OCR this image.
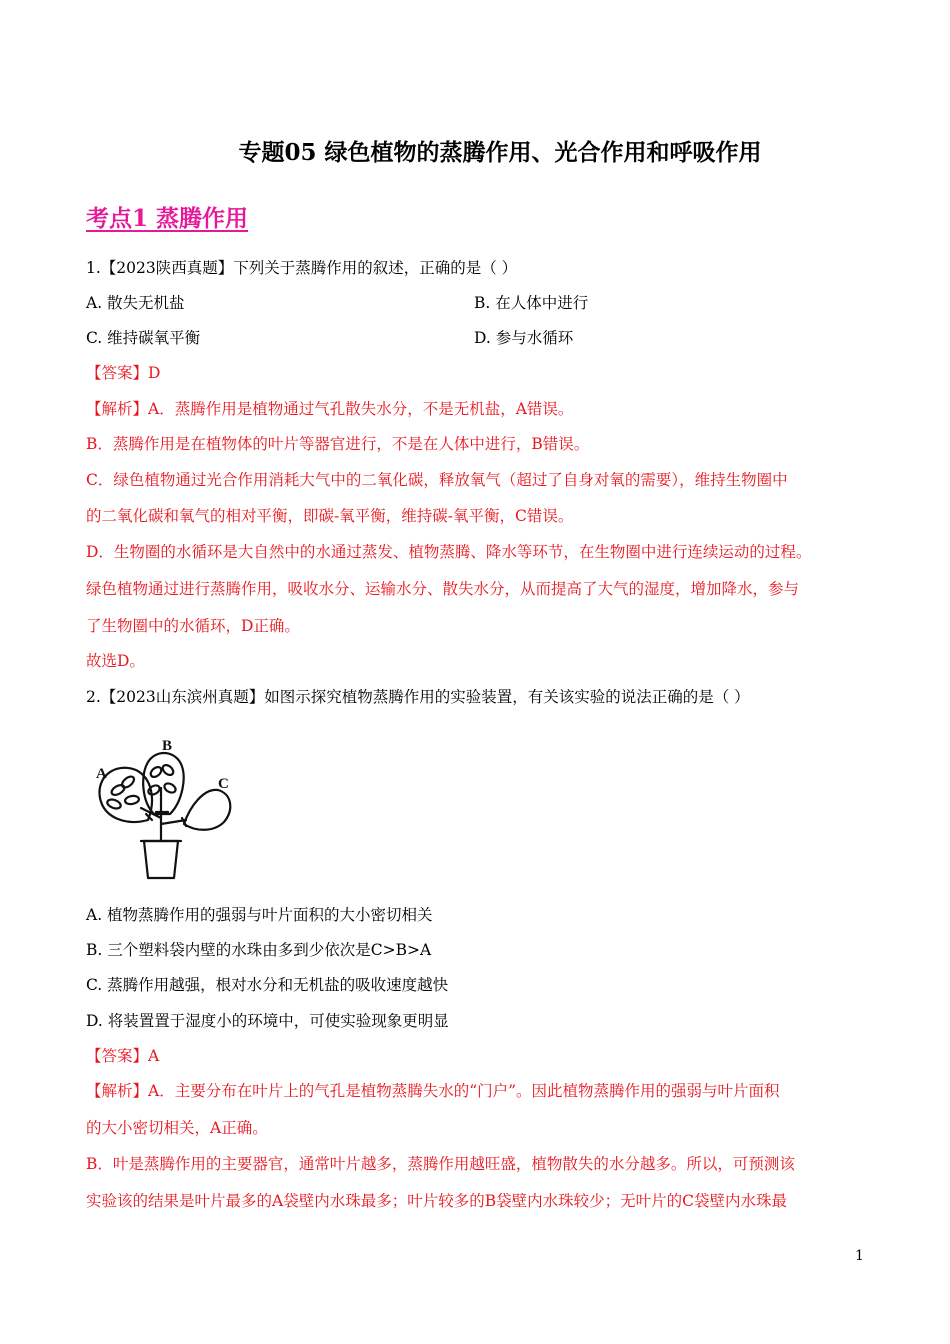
专题05 绿色植物的蒸腾作用、光合作用和呼吸作用
考点1 蒸腾作用
1.【2023陕西真题】下列关于蒸腾作用的叙述，正确的是（ ）
A. 散失无机盐	B. 在人体中进行
C. 维持碳氧平衡	D. 参与水循环
【答案】D
【解析】A．蒸腾作用是植物通过气孔散失水分，不是无机盐，A错误。
B．蒸腾作用是在植物体的叶片等器官进行，不是在人体中进行，B错误。
C．绿色植物通过光合作用消耗大气中的二氧化碳，释放氧气（超过了自身对氧的需要），维持生物圈中
的二氧化碳和氧气的相对平衡，即碳-氧平衡，维持碳-氧平衡，C错误。
D．生物圈的水循环是大自然中的水通过蒸发、植物蒸腾、降水等环节，在生物圈中进行连续运动的过程。
绿色植物通过进行蒸腾作用，吸收水分、运输水分、散失水分，从而提高了大气的湿度，增加降水，参与
了生物圈中的水循环，D正确。
故选D。
2.【2023山东滨州真题】如图示探究植物蒸腾作用的实验装置，有关该实验的说法正确的是（ ）
A
B
C
A. 植物蒸腾作用的强弱与叶片面积的大小密切相关
B. 三个塑料袋内壁的水珠由多到少依次是C>B>A
C. 蒸腾作用越强，根对水分和无机盐的吸收速度越快
D. 将装置置于湿度小的环境中，可使实验现象更明显
【答案】A
【解析】A．主要分布在叶片上的气孔是植物蒸腾失水的“门户”。因此植物蒸腾作用的强弱与叶片面积
的大小密切相关，A正确。
B．叶是蒸腾作用的主要器官，通常叶片越多，蒸腾作用越旺盛，植物散失的水分越多。所以，可预测该
实验该的结果是叶片最多的A袋壁内水珠最多；叶片较多的B袋壁内水珠较少；无叶片的C袋壁内水珠最
1
